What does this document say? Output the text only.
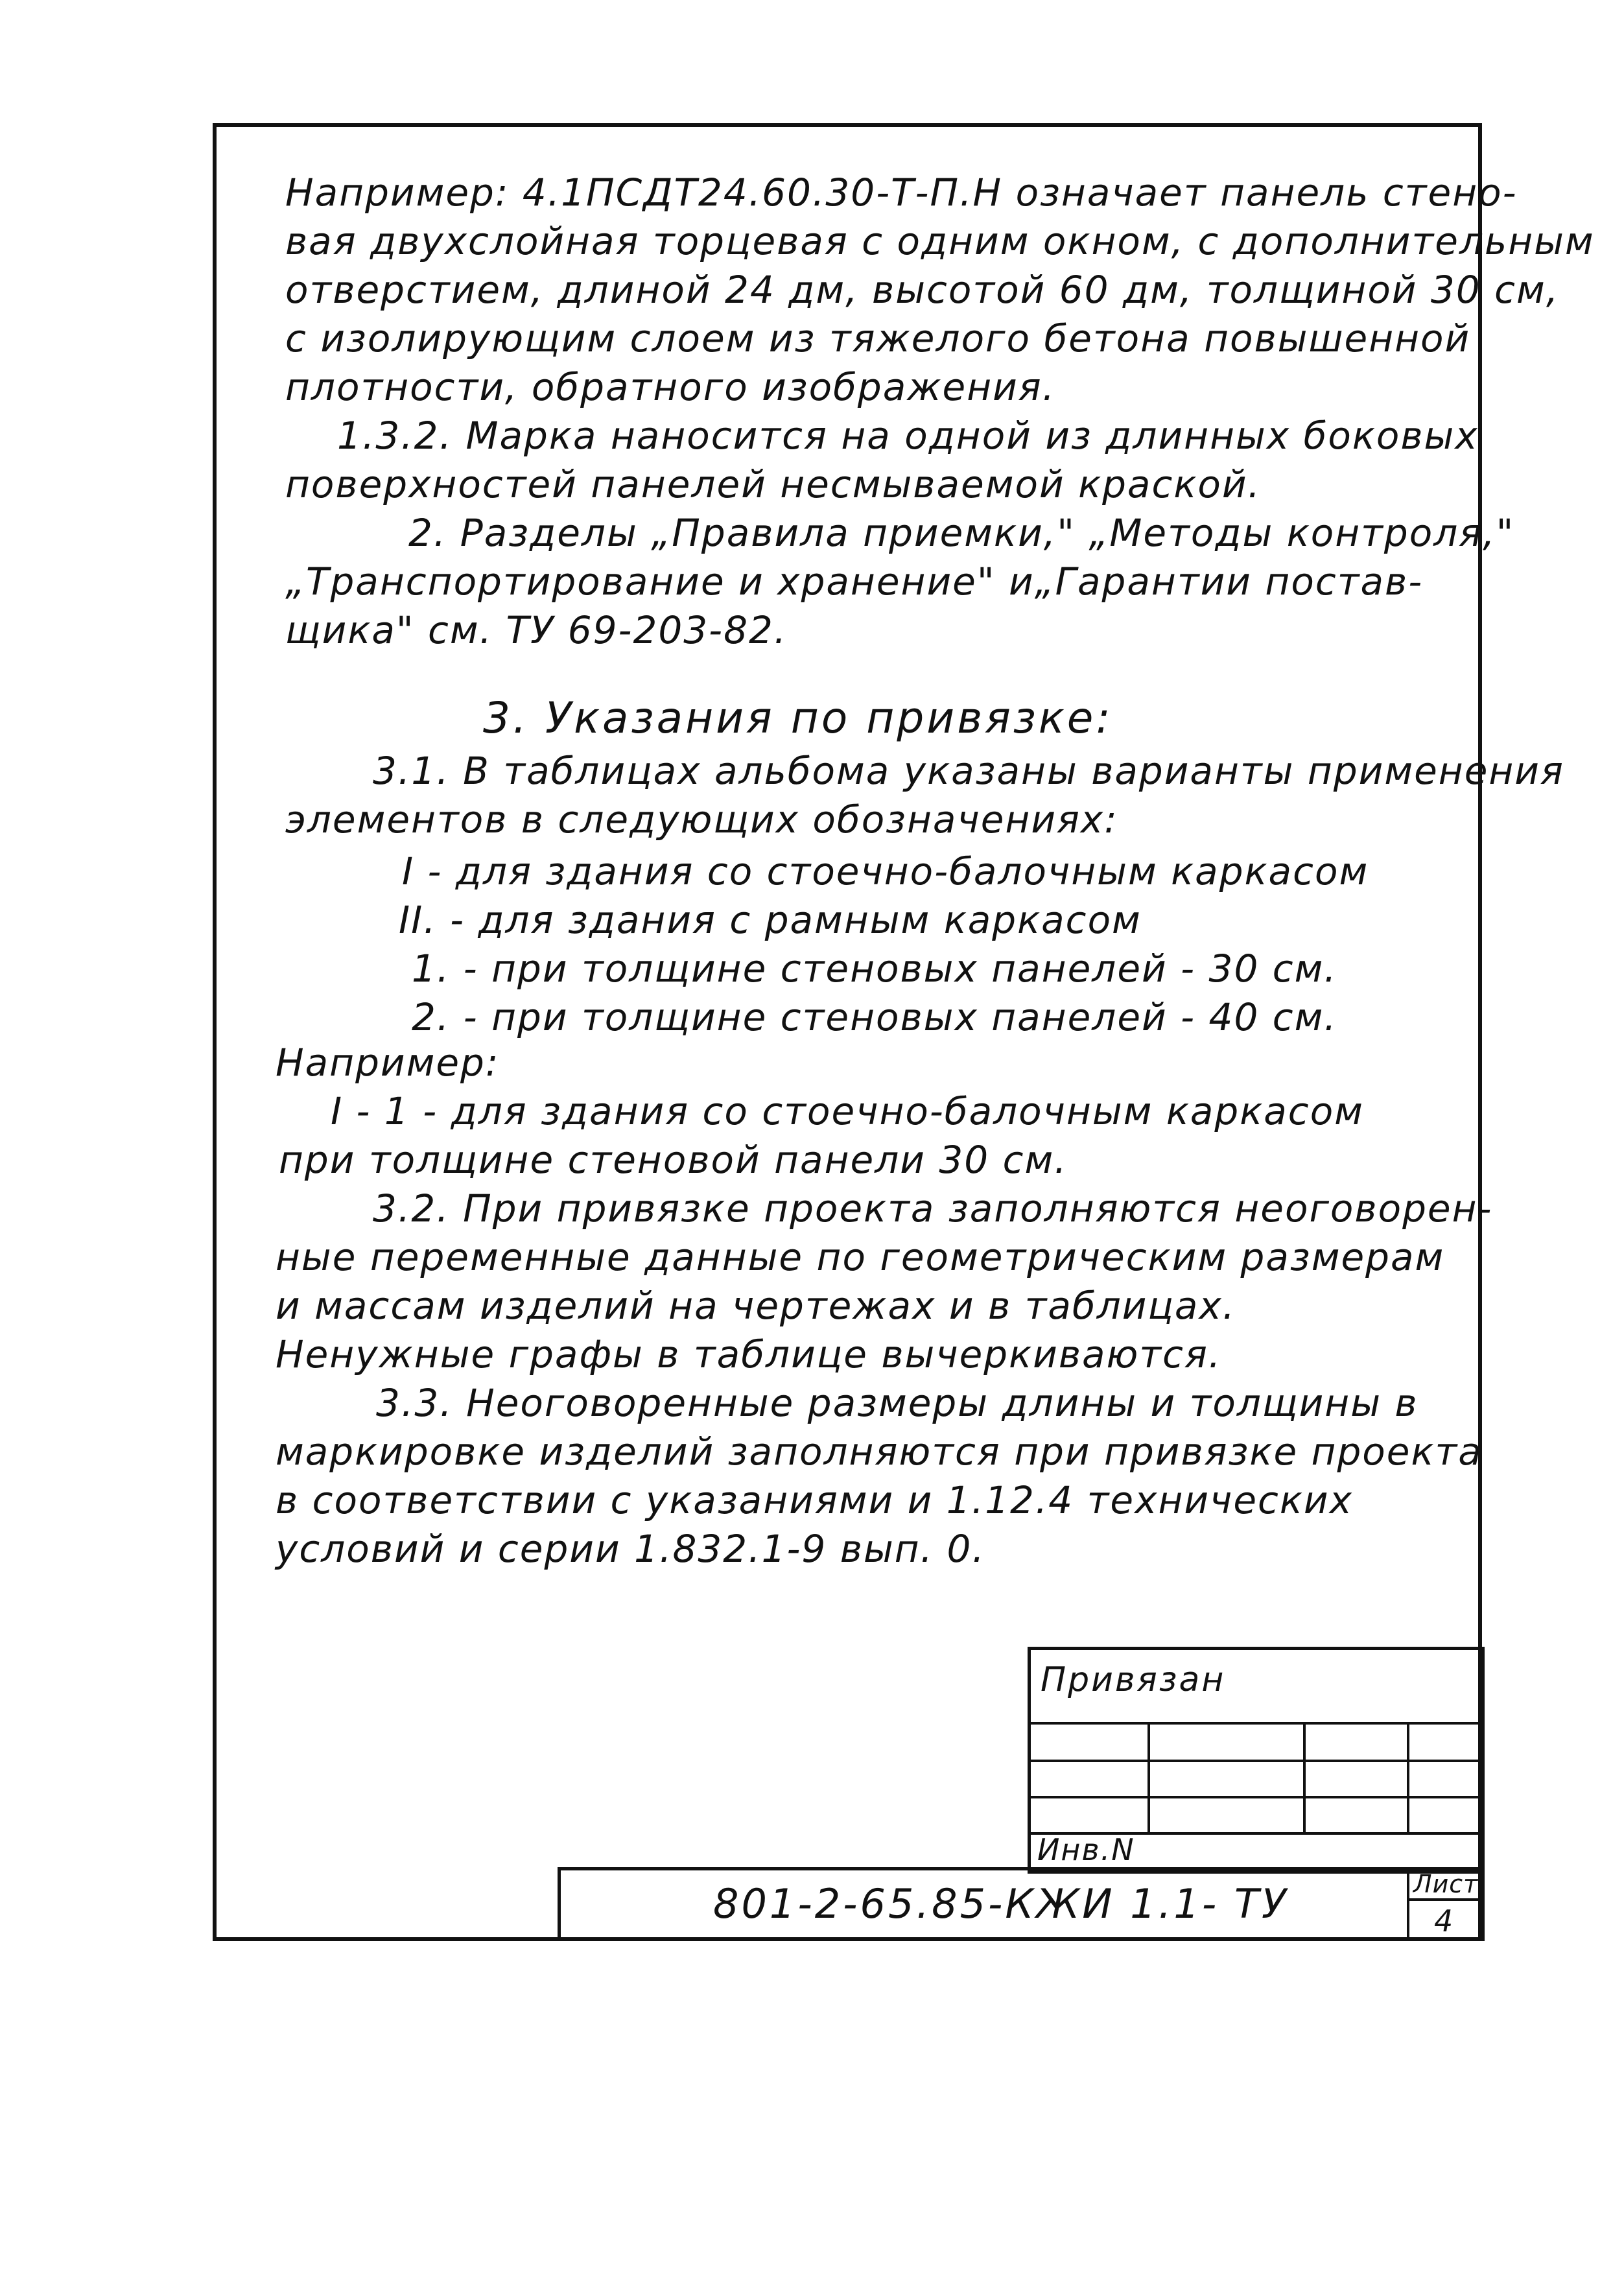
Например: 4.1ПСДТ24.60.30-Т-П.Н означает панель стено-
вая двухслойная торцевая с одним окном, с дополнительным
отверстием, длиной 24 дм, высотой 60 дм, толщиной 30 см,
с изолирующим слоем из тяжелого бетона повышенной
плотности, обратного изображения.
1.3.2. Марка наносится на одной из длинных боковых
поверхностей панелей несмываемой краской.
2. Разделы „Правила приемки," „Методы контроля,"
„Транспортирование и хранение" и„Гарантии постав-
щика" см. ТУ 69-203-82.
3. Указания по привязке:
3.1. В таблицах альбома указаны варианты применения
элементов в следующих обозначениях:
I - для здания со стоечно-балочным каркасом
II. - для здания с рамным каркасом
1. - при толщине стеновых панелей - 30 см.
2. - при толщине стеновых панелей - 40 см.
Например:
I - 1 - для здания со стоечно-балочным каркасом
при толщине стеновой панели 30 см.
3.2. При привязке проекта заполняются неоговорен-
ные переменные данные по геометрическим размерам
и массам изделий на чертежах и в таблицах.
Ненужные графы в таблице вычеркиваются.
3.3. Неоговоренные размеры длины и толщины в
маркировке изделий заполняются при привязке проекта
в соответствии с указаниями и 1.12.4 технических
условий и серии 1.832.1-9 вып. 0.
Привязан
Инв.N
801-2-65.85-КЖИ 1.1- ТУ	Лист
4
